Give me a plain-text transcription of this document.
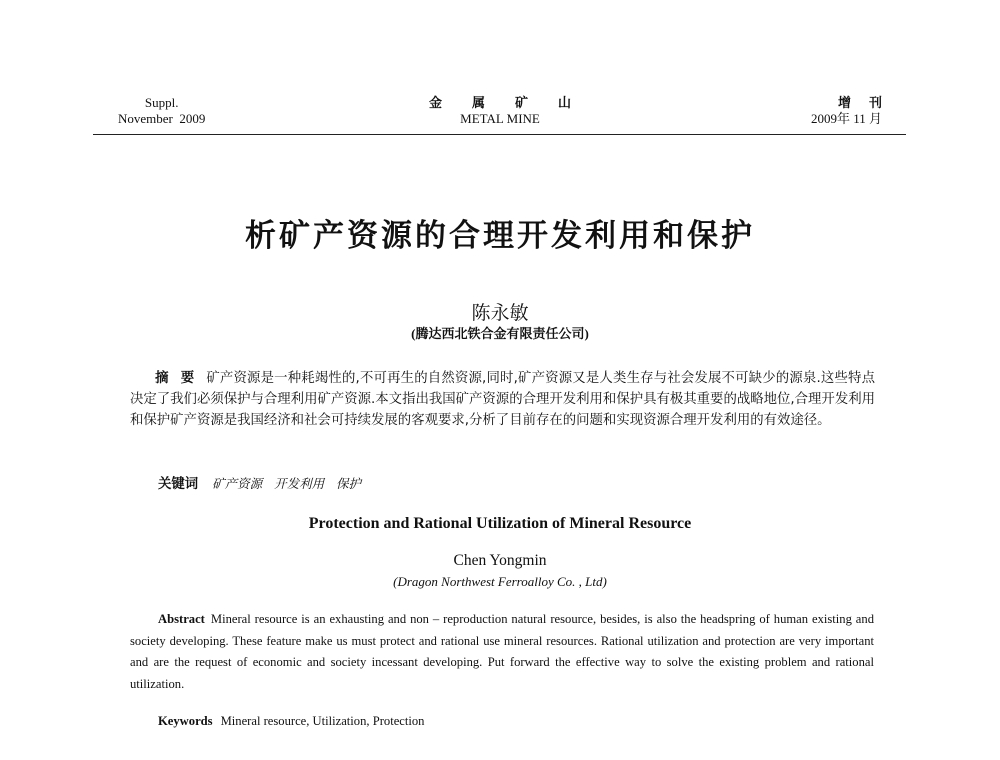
Suppl.
November  2009
金属矿山
METAL MINE
增刊
2009年 11 月
析矿产资源的合理开发利用和保护
陈永敏
(腾达西北铁合金有限责任公司)
摘要矿产资源是一种耗竭性的,不可再生的自然资源,同时,矿产资源又是人类生存与社会发展不可缺少的源泉.这些特点决定了我们必须保护与合理利用矿产资源.本文指出我国矿产资源的合理开发利用和保护具有极其重要的战略地位,合理开发利用和保护矿产资源是我国经济和社会可持续发展的客观要求,分析了目前存在的问题和实现资源合理开发利用的有效途径。
关键词 矿产资源   开发利用   保护
Protection and Rational Utilization of Mineral Resource
Chen Yongmin
(Dragon Northwest Ferroalloy Co. , Ltd)
Abstract Mineral resource is an exhausting and non – reproduction natural resource, besides, is also the headspring of human existing and society developing. These feature make us must protect and rational use mineral resources. Rational utilization and protection are very important and are the request of economic and society incessant developing. Put forward the effective way to solve the existing problem and rational utilization.
Keywords Mineral resource, Utilization, Protection
